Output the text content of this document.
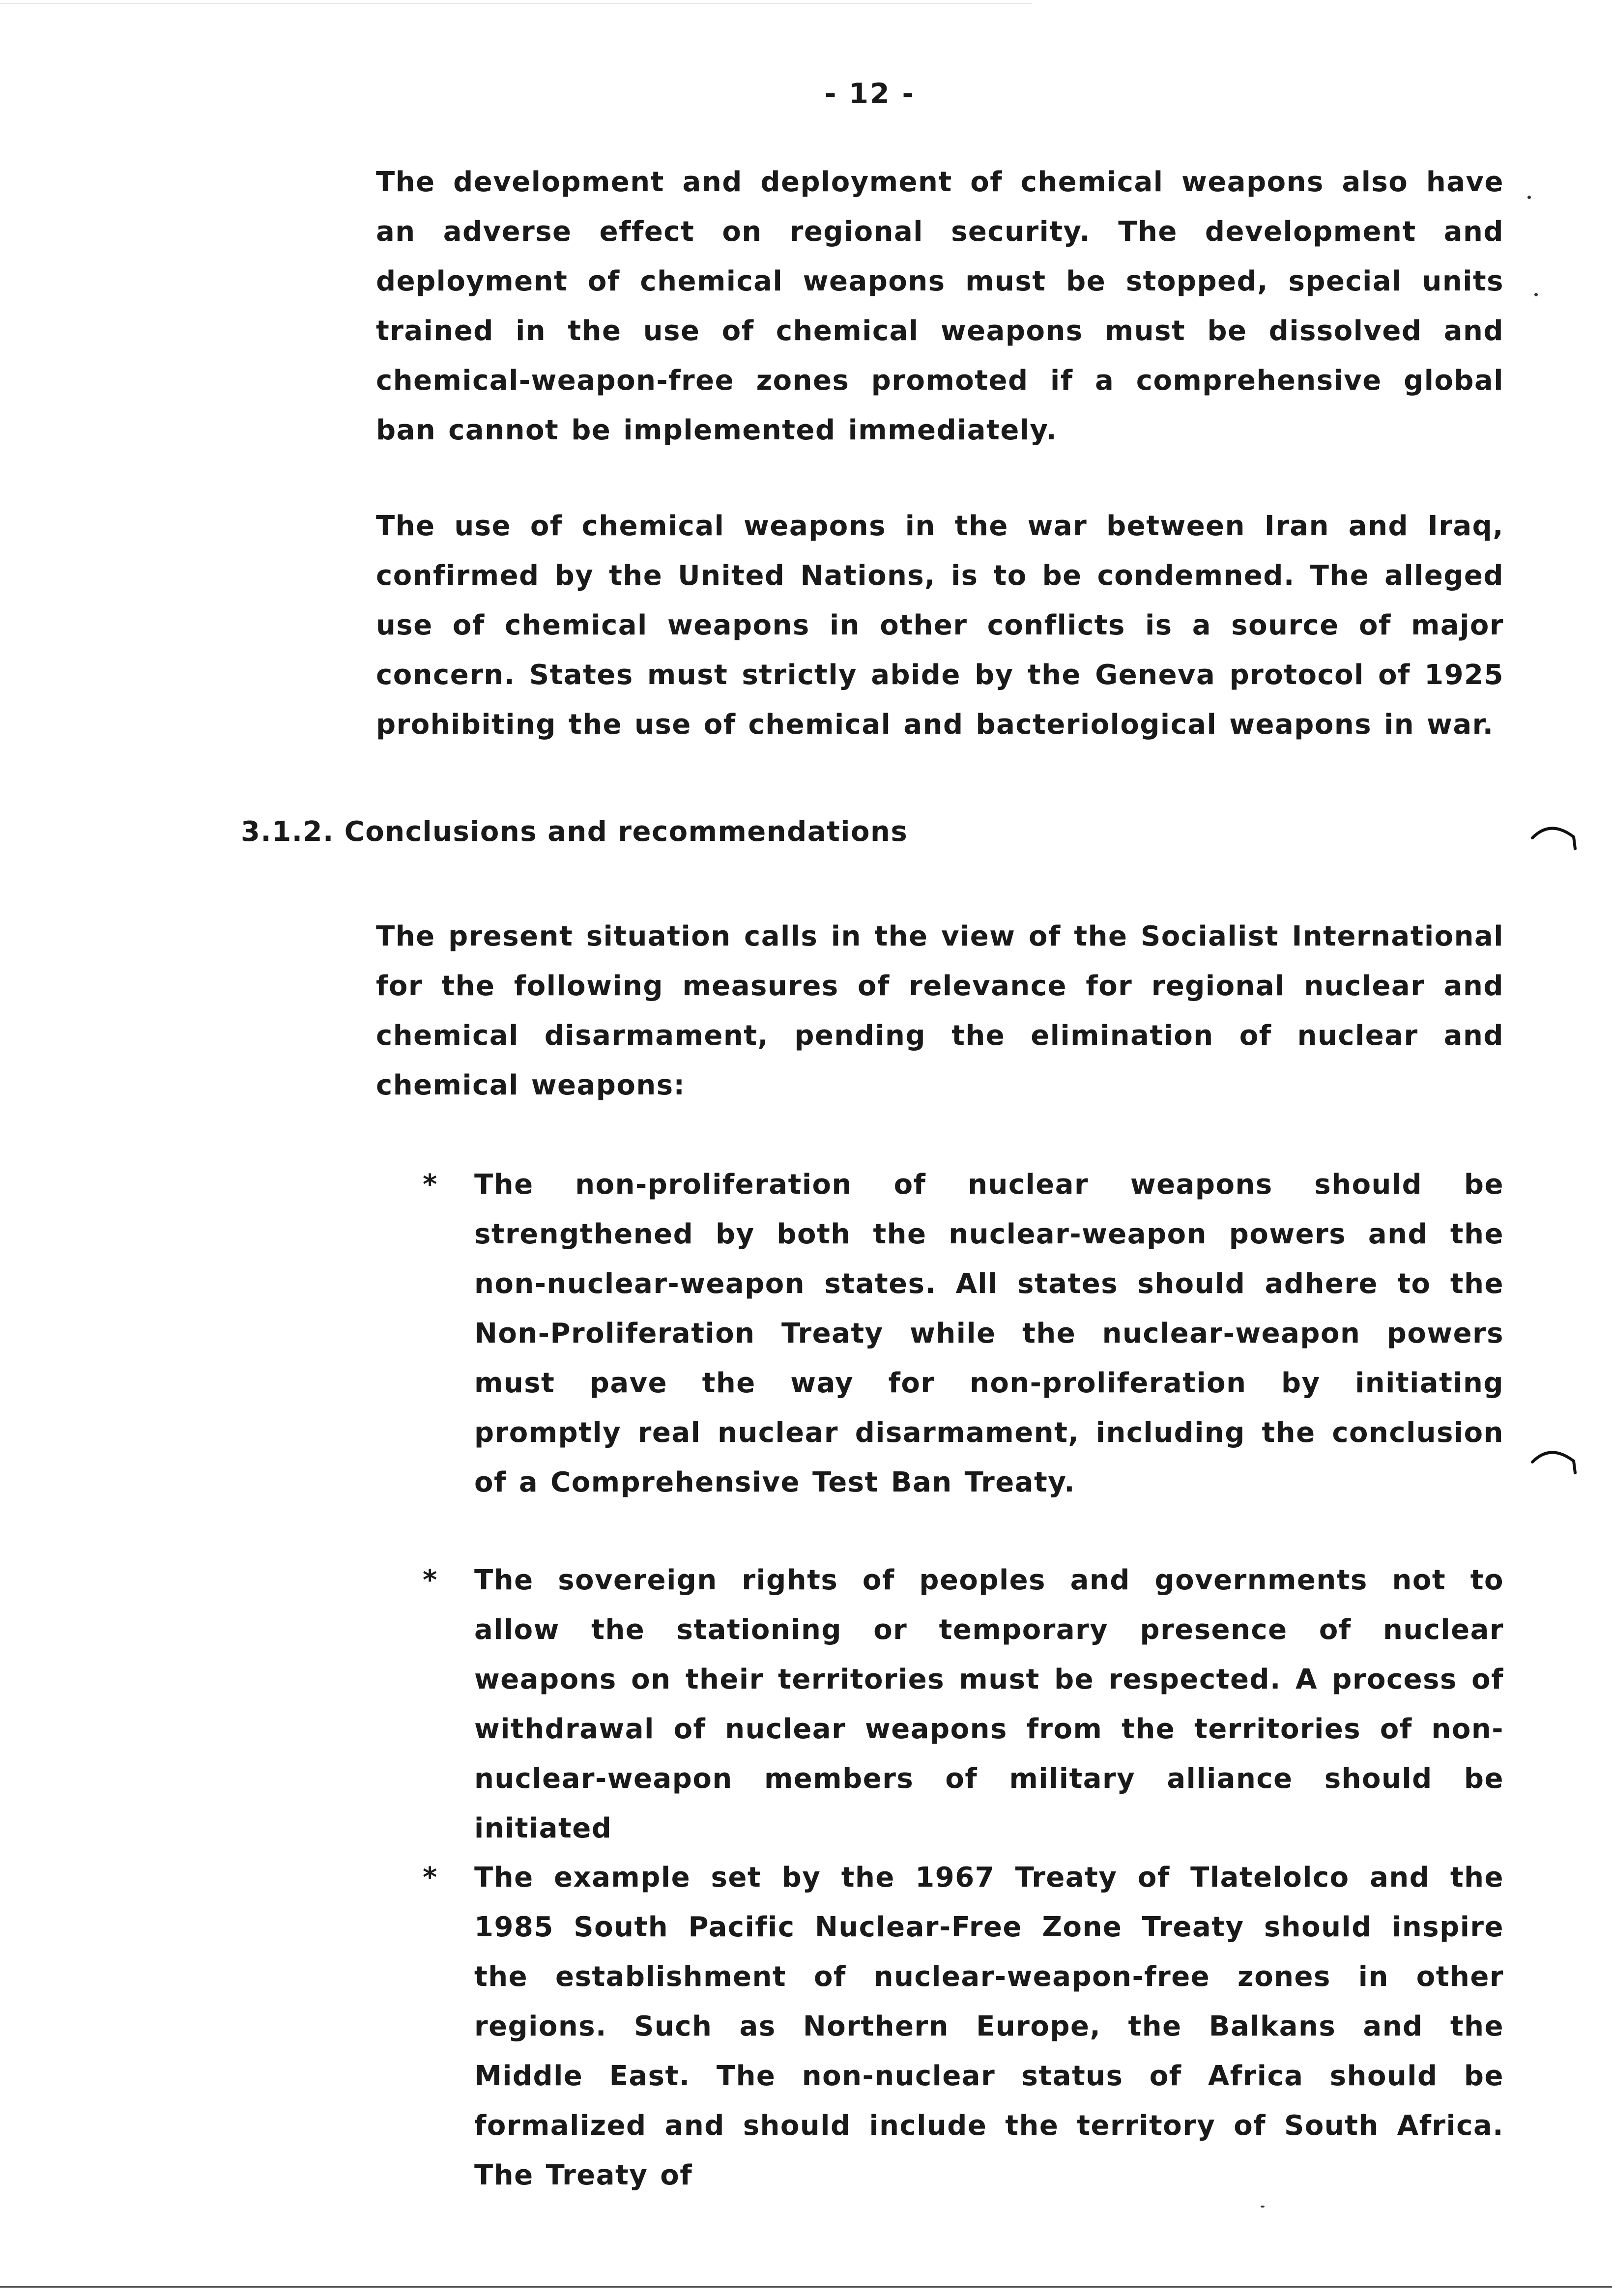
- 12 -

The development and deployment of chemical weapons also have an adverse effect on regional security. The development and deployment of chemical weapons must be stopped, special units trained in the use of chemical weapons must be dissolved and chemical-weapon-free zones promoted if a comprehensive global ban cannot be implemented immediately.

The use of chemical weapons in the war between Iran and Iraq, confirmed by the United Nations, is to be condemned. The alleged use of chemical weapons in other conflicts is a source of major concern. States must strictly abide by the Geneva protocol of 1925 prohibiting the use of chemical and bacteriological weapons in war.

3.1.2. Conclusions and recommendations

The present situation calls in the view of the Socialist International for the following measures of relevance for regional nuclear and chemical disarmament, pending the elimination of nuclear and chemical weapons:

* The non-proliferation of nuclear weapons should be strengthened by both the nuclear-weapon powers and the non-nuclear-weapon states. All states should adhere to the Non-Proliferation Treaty while the nuclear-weapon powers must pave the way for non-proliferation by initiating promptly real nuclear disarmament, including the conclusion of a Comprehensive Test Ban Treaty.

* The sovereign rights of peoples and governments not to allow the stationing or temporary presence of nuclear weapons on their territories must be respected. A process of withdrawal of nuclear weapons from the territories of non-nuclear-weapon members of military alliance should be initiated

* The example set by the 1967 Treaty of Tlatelolco and the 1985 South Pacific Nuclear-Free Zone Treaty should inspire the establishment of nuclear-weapon-free zones in other regions. Such as Northern Europe, the Balkans and the Middle East. The non-nuclear status of Africa should be formalized and should include the territory of South Africa. The Treaty of
